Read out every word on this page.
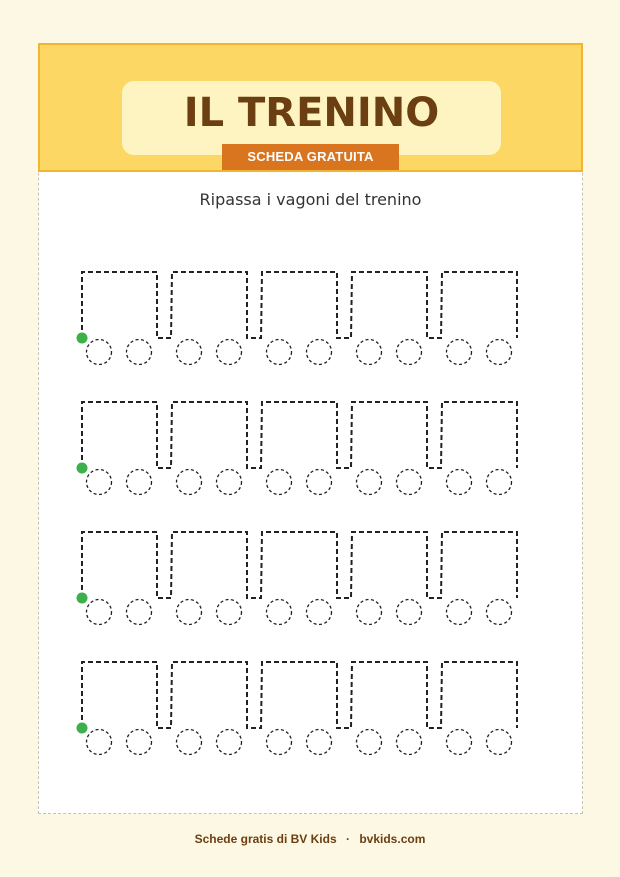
IL TRENINO
SCHEDA GRATUITA
Ripassa i vagoni del trenino
Schede gratis di BV Kids · bvkids.com
